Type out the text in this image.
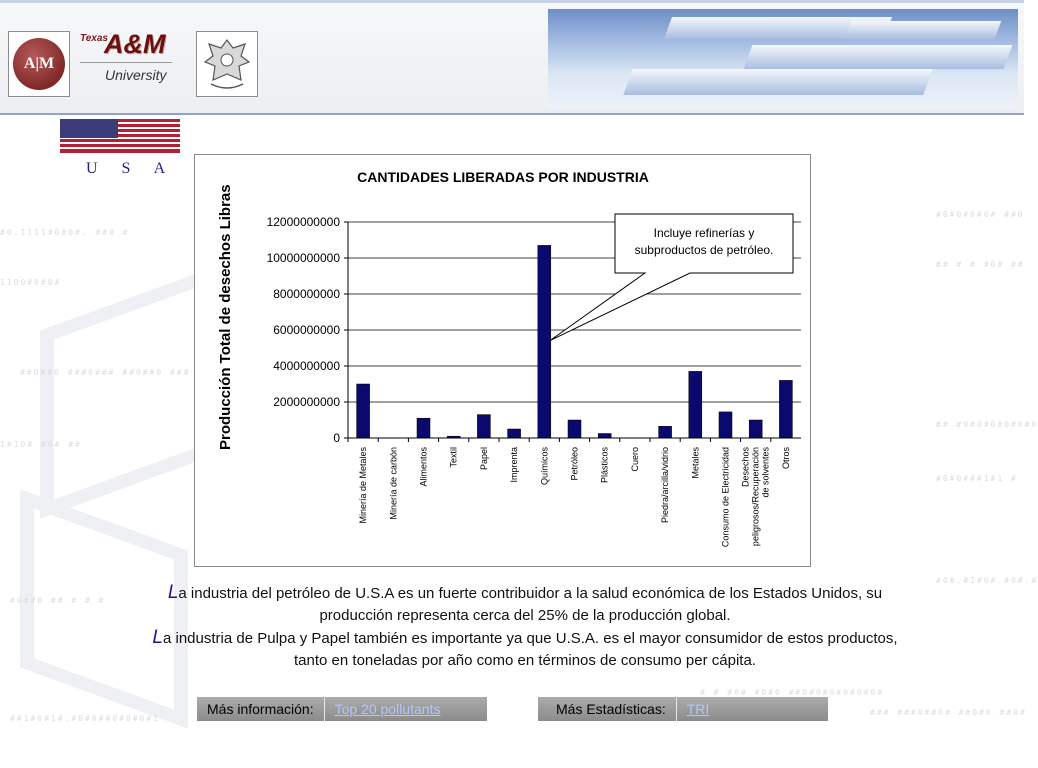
#0.1111#0#0#. ##0 #
1100#0#0#
##0##0 ###0### ##0##0 ###
1#10# #0# ##
#0##0 ## # # #
##1#0#1#.#0#0##0#0#0#1
#0#0#0#0# ##0
## # # #0# ##
##.#0#0#0#0#0#0
#0#0###1#1 #
#0#.#1#0#.#0#.#
# # #0# #0#0 ##0#0#0#0#0#0#
### ###0##0# ##0#0 ##0#
A|M
Texas
A&M
University
U S A	CANTIDADES LIBERADAS POR INDUSTRIA
Producción Total de desechos Libras	0
2000000000
4000000000
6000000000
8000000000
10000000000
12000000000
Minería de Metales Minería de carbón Alimentos Textil Papel Imprenta Químicos Petróleo Plásticos Cuero Piedra/arcilla/vidrio Metales Consumo de Electricidad Desechos peligrosos/Recuperación de solventes Otros
Incluye refinerías y
subproductos de petróleo.

La industria del petróleo de U.S.A es un fuerte contribuidor a la salud económica de los Estados Unidos, su producción representa cerca del 25% de la producción global.

La industria de Pulpa y Papel también es importante ya que U.S.A. es el mayor consumidor de estos productos, tanto en toneladas por año como en términos de consumo per cápita.

Más información:	Top 20 pollutants	Más Estadísticas:	TRI
